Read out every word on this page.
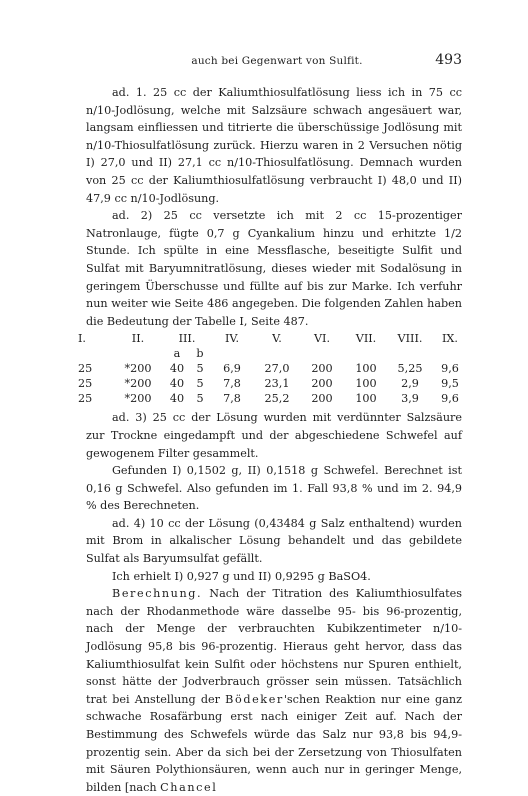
auch bei Gegenwart von Sulfit.	493

ad. 1. 25 cc der Kaliumthiosulfatlösung liess ich in 75 cc n/10-Jodlösung, welche mit Salzsäure schwach angesäuert war, langsam einfliessen und titrierte die überschüssige Jodlösung mit n/10-Thiosulfatlösung zurück. Hierzu waren in 2 Versuchen nötig I) 27,0 und II) 27,1 cc n/10-Thiosulfatlösung. Demnach wurden von 25 cc der Kaliumthiosulfatlösung verbraucht I) 48,0 und II) 47,9 cc n/10-Jodlösung.

ad. 2) 25 cc versetzte ich mit 2 cc 15-prozentiger Natronlauge, fügte 0,7 g Cyankalium hinzu und erhitzte 1/2 Stunde. Ich spülte in eine Messflasche, beseitigte Sulfit und Sulfat mit Baryumnitratlösung, dieses wieder mit Sodalösung in geringem Überschusse und füllte auf bis zur Marke. Ich verfuhr nun weiter wie Seite 486 angegeben. Die folgenden Zahlen haben die Bedeutung der Tabelle I, Seite 487.

I.	II.	III.		IV.	V.	VI.	VII.	VIII.	IX.
		a	b						
25	*200	40	5	6,9	27,0	200	100	5,25	9,6
25	*200	40	5	7,8	23,1	200	100	2,9	9,5
25	*200	40	5	7,8	25,2	200	100	3,9	9,6

ad. 3) 25 cc der Lösung wurden mit verdünnter Salzsäure zur Trockne eingedampft und der abgeschiedene Schwefel auf gewogenem Filter gesammelt.

Gefunden I) 0,1502 g, II) 0,1518 g Schwefel. Berechnet ist 0,16 g Schwefel. Also gefunden im 1. Fall 93,8 % und im 2. 94,9 % des Berechneten.

ad. 4) 10 cc der Lösung (0,43484 g Salz enthaltend) wurden mit Brom in alkalischer Lösung behandelt und das gebildete Sulfat als Baryumsulfat gefällt.

Ich erhielt I) 0,927 g und II) 0,9295 g BaSO4.

Berechnung. Nach der Titration des Kaliumthiosulfates nach der Rhodanmethode wäre dasselbe 95- bis 96-prozentig, nach der Menge der verbrauchten Kubikzentimeter n/10-Jodlösung 95,8 bis 96-prozentig. Hieraus geht hervor, dass das Kaliumthiosulfat kein Sulfit oder höchstens nur Spuren enthielt, sonst hätte der Jodverbrauch grösser sein müssen. Tatsächlich trat bei Anstellung der Bödeker'schen Reaktion nur eine ganz schwache Rosafärbung erst nach einiger Zeit auf. Nach der Bestimmung des Schwefels würde das Salz nur 93,8 bis 94,9-prozentig sein. Aber da sich bei der Zersetzung von Thiosulfaten mit Säuren Polythionsäuren, wenn auch nur in geringer Menge, bilden [nach Chancel
